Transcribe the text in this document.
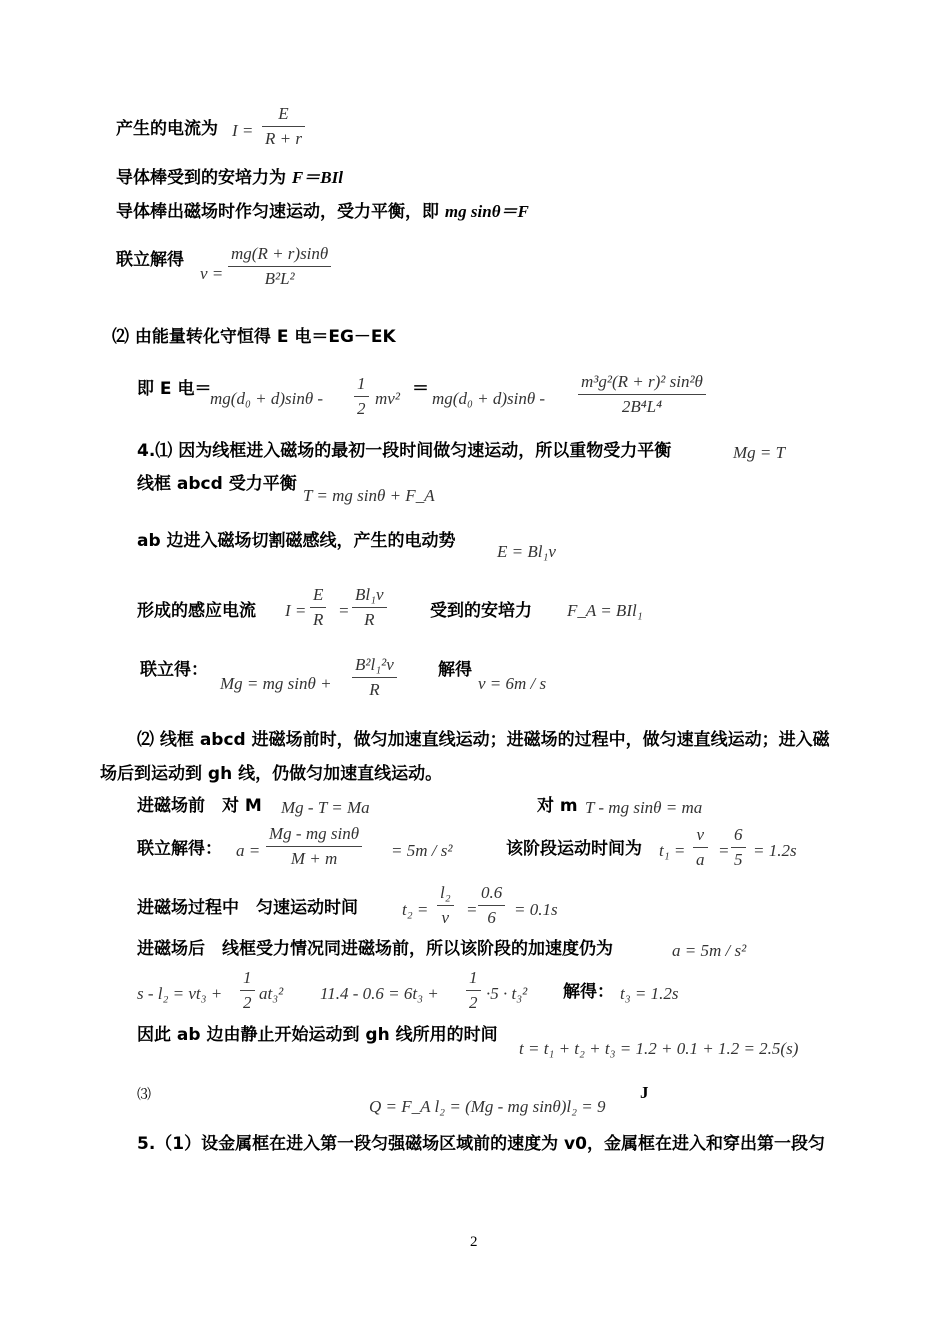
产生的电流为 $I = \frac{E}{R + r}$
导体棒受到的安培力为 F＝BIl
导体棒出磁场时作匀速运动，受力平衡，即 mg sinθ＝F
联立解得
$v = \frac{mg(R + r)\sin\theta}{\text{B²L²}}$
⑵ 由能量转化守恒得 E 电＝EG－EK
即 E 电＝
$mg(d_0 + d)\sin\theta - \frac{1}{2} mv^2 = mg(d_0 + d)\sin\theta - \frac{\text{m³g²(R + r)² sin²θ}}{\text{2B⁴L⁴}}$
4.⑴ 因为线框进入磁场的最初一段时间做匀速运动，所以重物受力平衡	Mg = T
线框 abcd 受力平衡
T = mg sinθ + F_A
ab 边进入磁场切割磁感线，产生的电动势
E = Bl₁v
形成的感应电流 $I = \frac{E}{R} = \frac{\text{Bl₁v}}{R}$	受到的安培力 F_A = BIl₁
联立得：
Mg = mg $\sin\theta + \frac{\text{B²l₁²v}}{R}$ 解得
v = 6m / s
⑵ 线框 abcd 进磁场前时，做匀加速直线运动；进磁场的过程中，做匀速直线运动；进入磁
场后到运动到 gh 线，仍做匀加速直线运动。
进磁场前　对 M Mg - T = Ma	对 m T - mg sinθ = ma
联立解得： $a = \frac{\text{Mg - mg sinθ}}{M + m} = 5m / s^2$	该阶段运动时间为 $t_1 = \frac{v}{a} = \frac{6}{5} = 1.2s$
进磁场过程中　匀速运动时间	$t_2 = \frac{\text{l₂}}{v} = \frac{0.6}{6} = 0.1s$
进磁场后　线框受力情况同进磁场前，所以该阶段的加速度仍为	a = 5m / s²
$s - l_2 = vt_3 + \frac{1}{2} at_3^2$ $11.4 - 0.6 = 6t_3 + \frac{1}{2} \cdot 5 \cdot t_3^2$ 解得： t₃ = 1.2s
因此 ab 边由静止开始运动到 gh 线所用的时间
t = t₁ + t₂ + t₃ = 1.2 + 0.1 + 1.2 = 2.5(s)
⑶
Q = F_A l₂ = (Mg - mg sinθ)l₂ = 9
J
5.（1）设金属框在进入第一段匀强磁场区域前的速度为 v0，金属框在进入和穿出第一段匀
2
